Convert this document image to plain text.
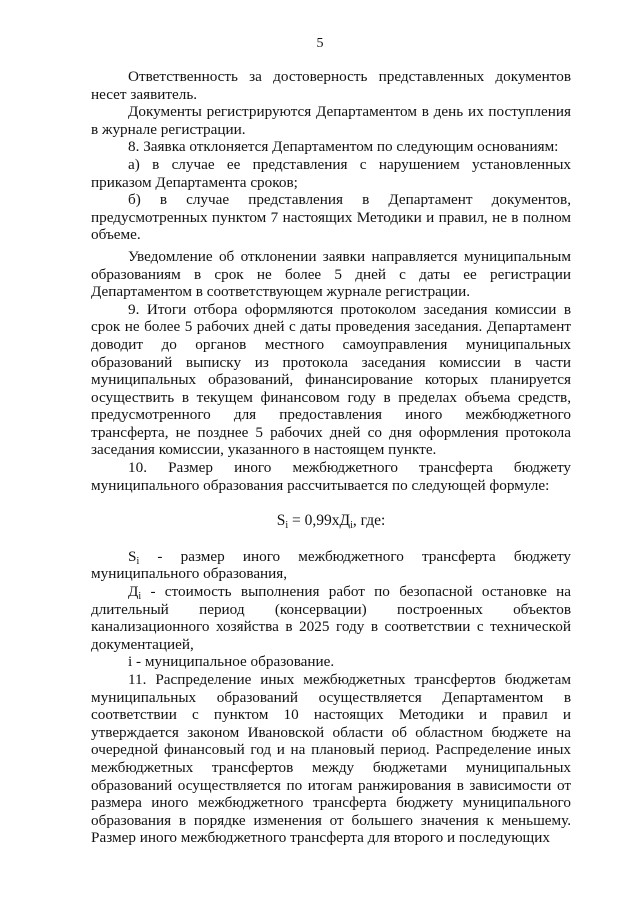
5

Ответственность за достоверность представленных документов несет заявитель.

Документы регистрируются Департаментом в день их поступления в журнале регистрации.

8. Заявка отклоняется Департаментом по следующим основаниям:

а) в случае ее представления с нарушением установленных приказом Департамента сроков;

б) в случае представления в Департамент документов, предусмотренных пунктом 7 настоящих Методики и правил, не в полном объеме.

Уведомление об отклонении заявки направляется муниципальным образованиям в срок не более 5 дней с даты ее регистрации Департаментом в соответствующем журнале регистрации.

9. Итоги отбора оформляются протоколом заседания комиссии в срок не более 5 рабочих дней с даты проведения заседания. Департамент доводит до органов местного самоуправления муниципальных образований выписку из протокола заседания комиссии в части муниципальных образований, финансирование которых планируется осуществить в текущем финансовом году в пределах объема средств, предусмотренного для предоставления иного межбюджетного трансферта, не позднее 5 рабочих дней со дня оформления протокола заседания комиссии, указанного в настоящем пункте.

10. Размер иного межбюджетного трансферта бюджету муниципального образования рассчитывается по следующей формуле:

$S_i = 0,99хД_i$, где:

$S_i$ - размер иного межбюджетного трансферта бюджету муниципального образования,

$Д_i$ - стоимость выполнения работ по безопасной остановке на длительный период (консервации) построенных объектов канализационного хозяйства в 2025 году в соответствии с технической документацией,

i - муниципальное образование.

11. Распределение иных межбюджетных трансфертов бюджетам муниципальных образований осуществляется Департаментом в соответствии с пунктом 10 настоящих Методики и правил и утверждается законом Ивановской области об областном бюджете на очередной финансовый год и на плановый период. Распределение иных межбюджетных трансфертов между бюджетами муниципальных образований осуществляется по итогам ранжирования в зависимости от размера иного межбюджетного трансферта бюджету муниципального образования в порядке изменения от большего значения к меньшему. Размер иного межбюджетного трансферта для второго и последующих
